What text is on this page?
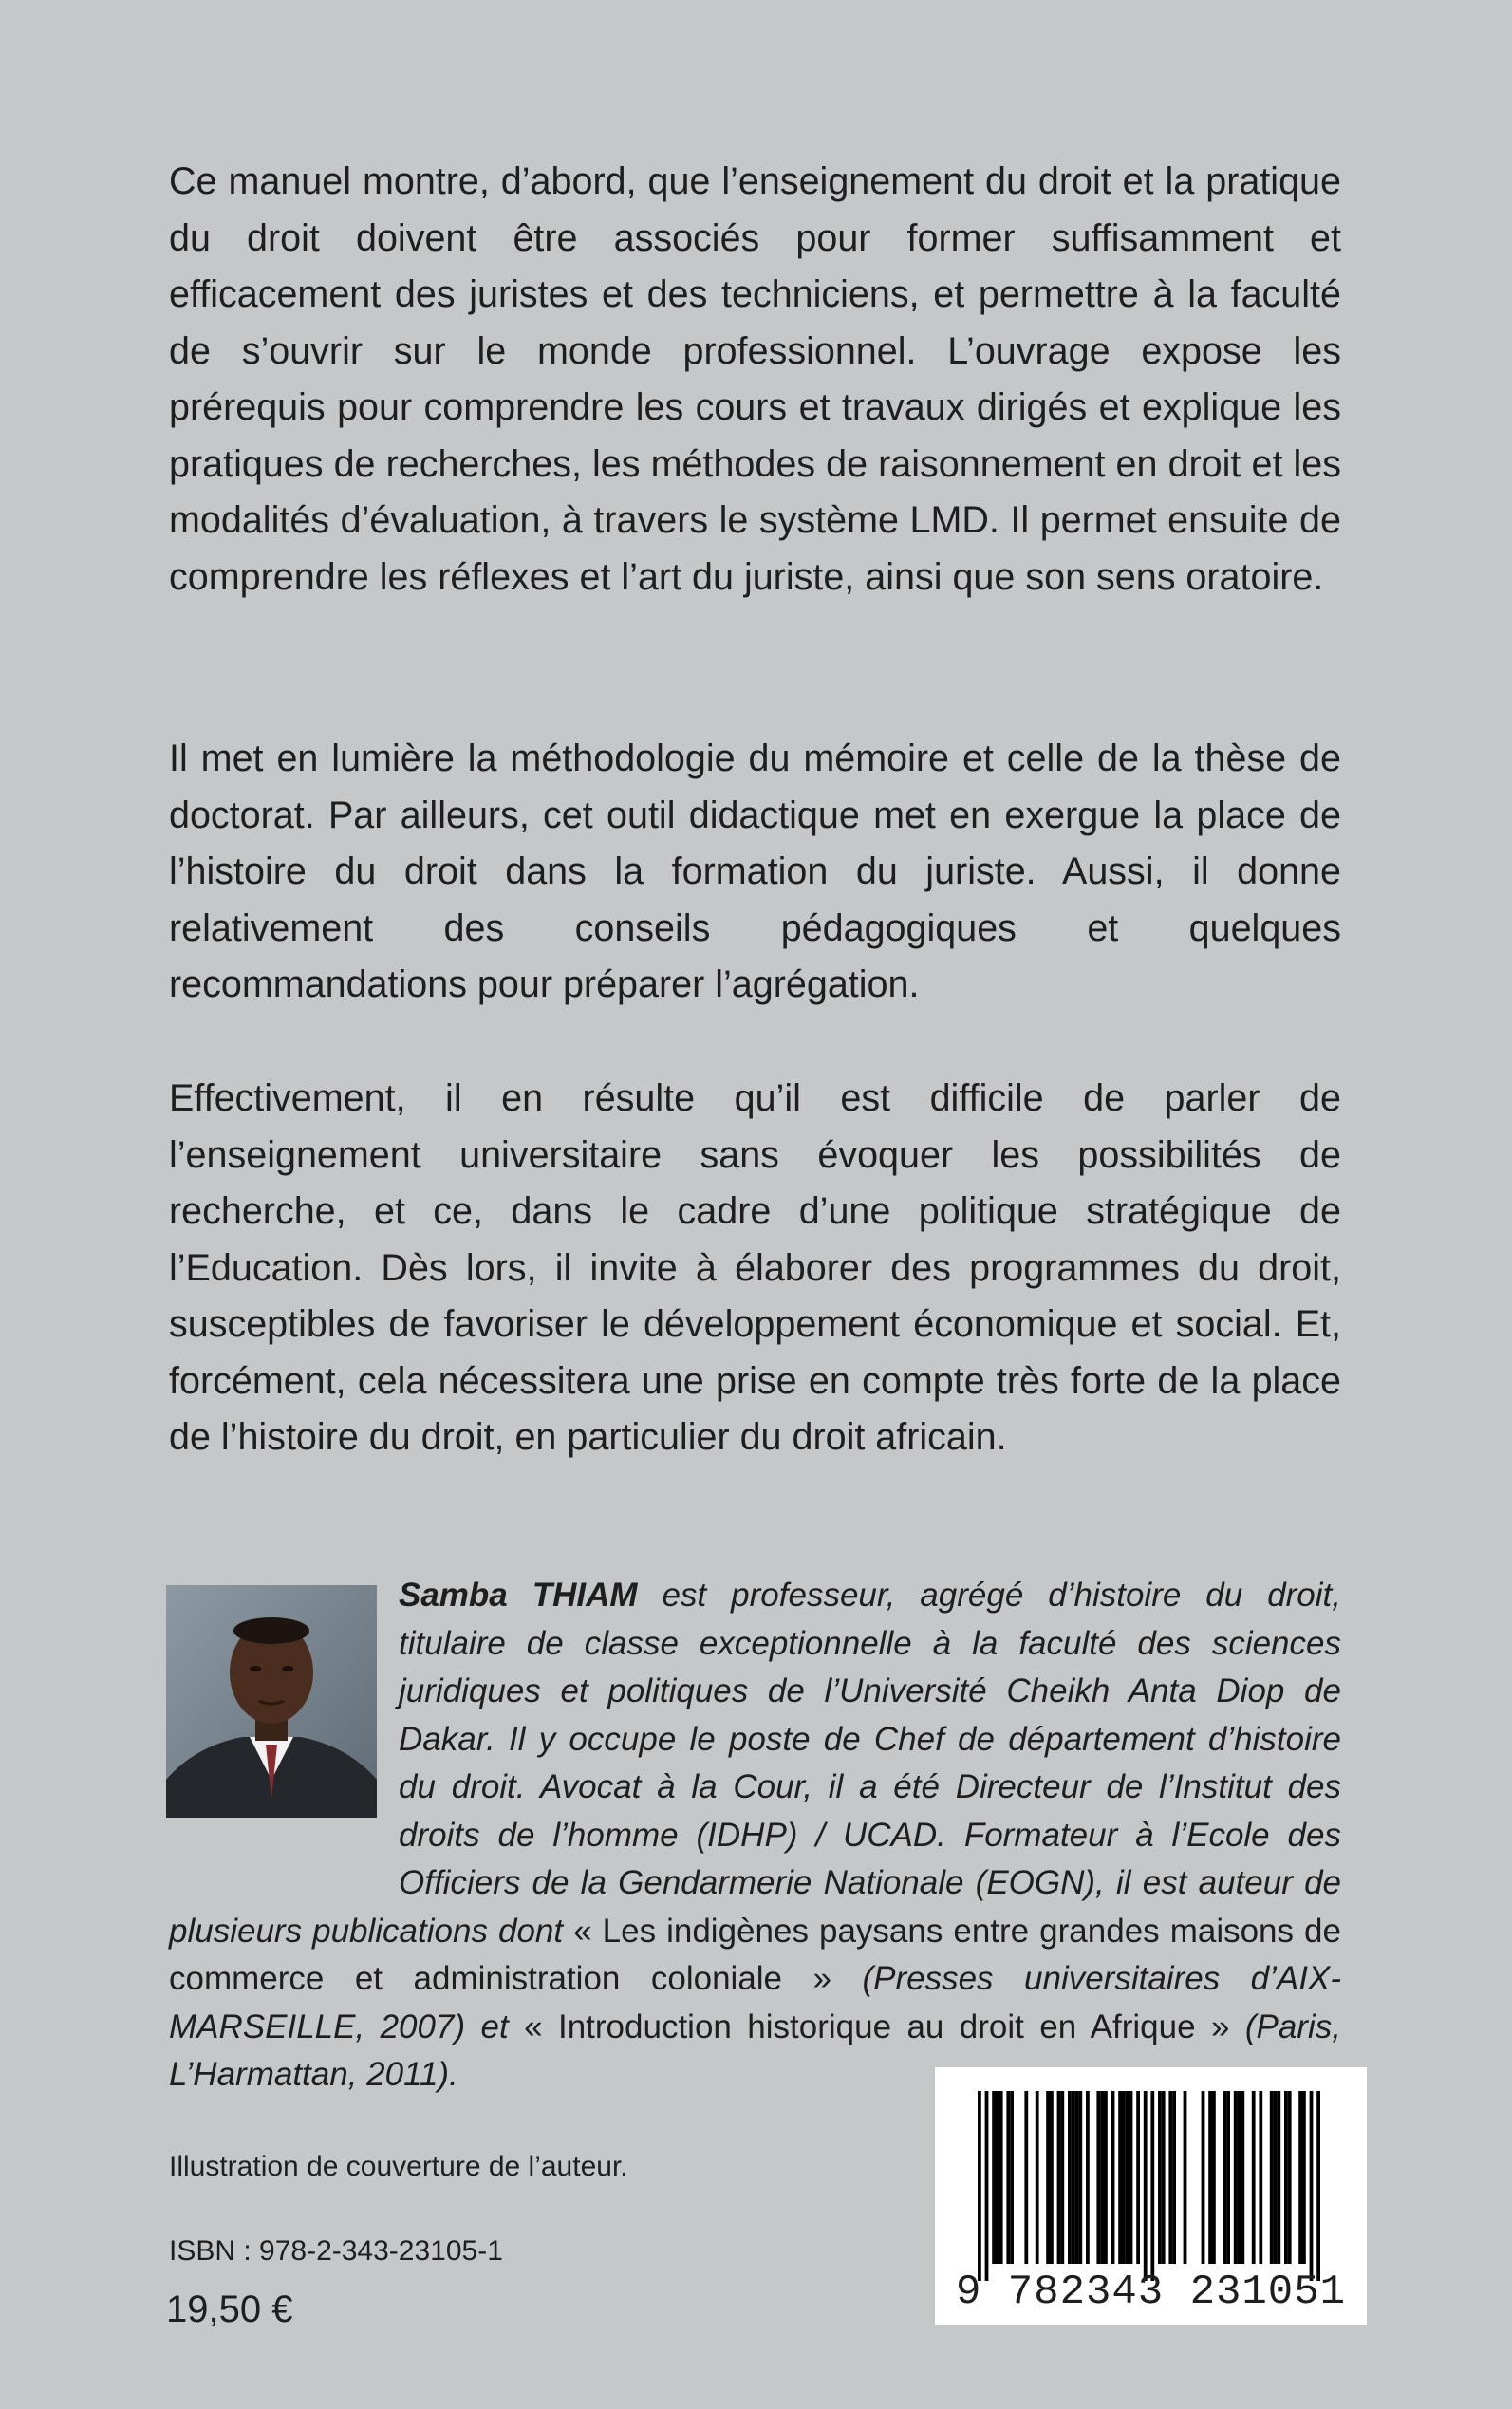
Ce manuel montre, d’abord, que l’enseignement du droit et la pratique du droit doivent être associés pour former suffisamment et efficacement des juristes et des techniciens, et permettre à la faculté de s’ouvrir sur le monde professionnel. L’ouvrage expose les prérequis pour comprendre les cours et travaux dirigés et explique les pratiques de recherches, les méthodes de raisonnement en droit et les modalités d’évaluation, à travers le système LMD. Il permet ensuite de comprendre les réflexes et l’art du juriste, ainsi que son sens oratoire.

Il met en lumière la méthodologie du mémoire et celle de la thèse de doctorat. Par ailleurs, cet outil didactique met en exergue la place de l’histoire du droit dans la formation du juriste. Aussi, il donne relativement des conseils pédagogiques et quelques recommandations pour préparer l’agrégation.

Effectivement, il en résulte qu’il est difficile de parler de l’enseignement universitaire sans évoquer les possibilités de recherche, et ce, dans le cadre d’une politique stratégique de l’Education. Dès lors, il invite à élaborer des programmes du droit, susceptibles de favoriser le développement économique et social. Et, forcément, cela nécessitera une prise en compte très forte de la place de l’histoire du droit, en particulier du droit africain.

Samba THIAM est professeur, agrégé d’histoire du droit, titulaire de classe exceptionnelle à la faculté des sciences juridiques et politiques de l’Université Cheikh Anta Diop de Dakar. Il y occupe le poste de Chef de département d’histoire du droit. Avocat à la Cour, il a été Directeur de l’Institut des droits de l’homme (IDHP) / UCAD. Formateur à l’Ecole des Officiers de la Gendarmerie Nationale (EOGN), il est auteur de plusieurs publications dont « Les indigènes paysans entre grandes maisons de commerce et administration coloniale » (Presses universitaires d’AIX-MARSEILLE, 2007) et « Introduction historique au droit en Afrique » (Paris, L’Harmattan, 2011).

9 782343 231051
Illustration de couverture de l’auteur.
ISBN : 978-2-343-23105-1
19,50 €
